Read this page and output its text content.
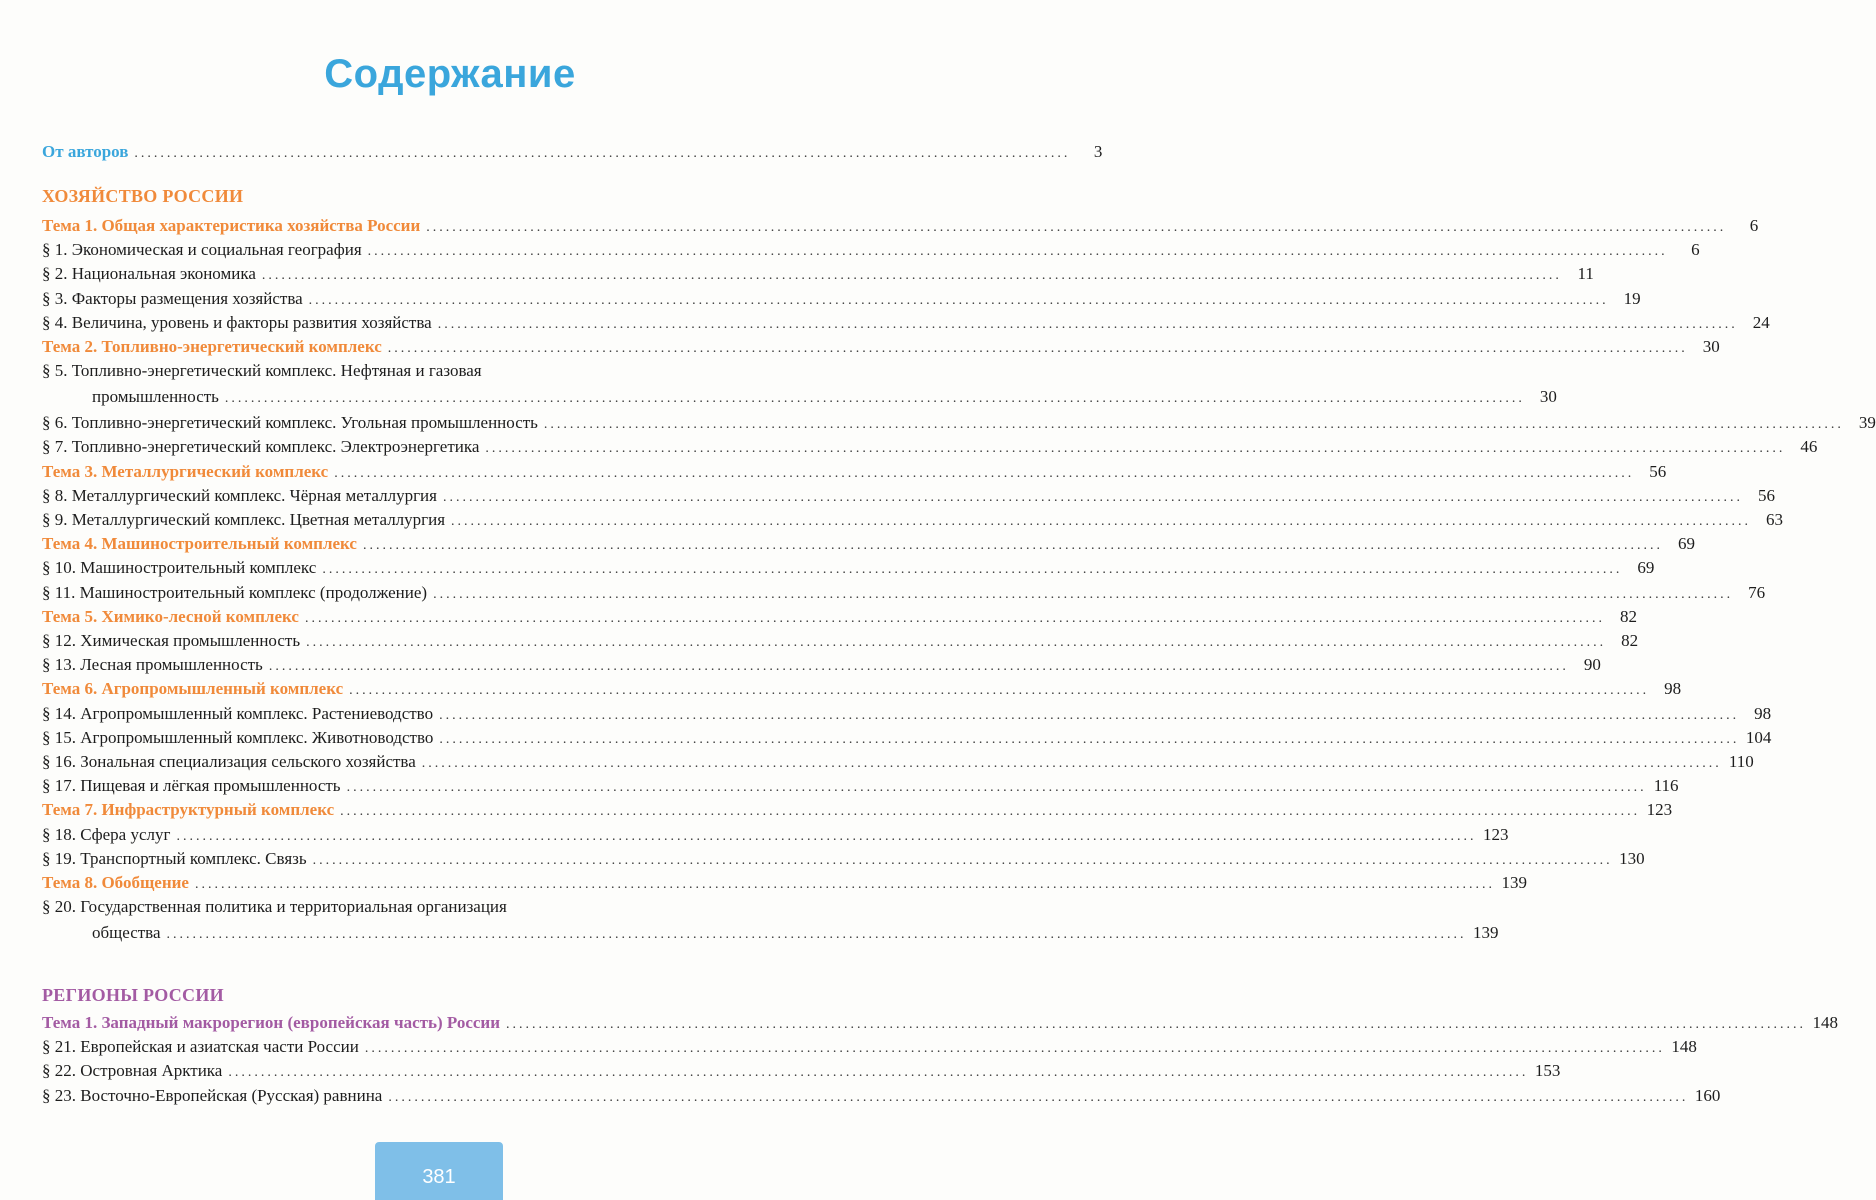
Содержание
От авторов ................................................................................................................................................	3
ХОЗЯЙСТВО РОССИИ
Тема 1. Общая характеристика хозяйства России ........................................................................................................................................................................................................	6
§ 1. Экономическая и социальная география ........................................................................................................................................................................................................	6
§ 2. Национальная экономика ........................................................................................................................................................................................................ 11
§ 3. Факторы размещения хозяйства ........................................................................................................................................................................................................ 19
§ 4. Величина, уровень и факторы развития хозяйства ........................................................................................................................................................................................................ 24
Тема 2. Топливно-энергетический комплекс ........................................................................................................................................................................................................ 30
§ 5. Топливно-энергетический комплекс. Нефтяная и газовая
промышленность ........................................................................................................................................................................................................ 30
§ 6. Топливно-энергетический комплекс. Угольная промышленность ........................................................................................................................................................................................................ 39
§ 7. Топливно-энергетический комплекс. Электроэнергетика ........................................................................................................................................................................................................ 46
Тема 3. Металлургический комплекс ........................................................................................................................................................................................................ 56
§ 8. Металлургический комплекс. Чёрная металлургия ........................................................................................................................................................................................................ 56
§ 9. Металлургический комплекс. Цветная металлургия ........................................................................................................................................................................................................ 63
Тема 4. Машиностроительный комплекс ........................................................................................................................................................................................................ 69
§ 10. Машиностроительный комплекс ........................................................................................................................................................................................................ 69
§ 11. Машиностроительный комплекс (продолжение) ........................................................................................................................................................................................................ 76
Тема 5. Химико-лесной комплекс ........................................................................................................................................................................................................ 82
§ 12. Химическая промышленность ........................................................................................................................................................................................................ 82
§ 13. Лесная промышленность ........................................................................................................................................................................................................ 90
Тема 6. Агропромышленный комплекс ........................................................................................................................................................................................................ 98
§ 14. Агропромышленный комплекс. Растениеводство ........................................................................................................................................................................................................ 98
§ 15. Агропромышленный комплекс. Животноводство ........................................................................................................................................................................................................ 104
§ 16. Зональная специализация сельского хозяйства ........................................................................................................................................................................................................ 110
§ 17. Пищевая и лёгкая промышленность ........................................................................................................................................................................................................ 116
Тема 7. Инфраструктурный комплекс ........................................................................................................................................................................................................ 123
§ 18. Сфера услуг ........................................................................................................................................................................................................ 123
§ 19. Транспортный комплекс. Связь ........................................................................................................................................................................................................ 130
Тема 8. Обобщение ........................................................................................................................................................................................................ 139
§ 20. Государственная политика и территориальная организация
общества ........................................................................................................................................................................................................ 139
РЕГИОНЫ РОССИИ
Тема 1. Западный макрорегион (европейская часть) России ........................................................................................................................................................................................................ 148
§ 21. Европейская и азиатская части России ........................................................................................................................................................................................................ 148
§ 22. Островная Арктика ........................................................................................................................................................................................................ 153
§ 23. Восточно-Европейская (Русская) равнина ........................................................................................................................................................................................................ 160
381
